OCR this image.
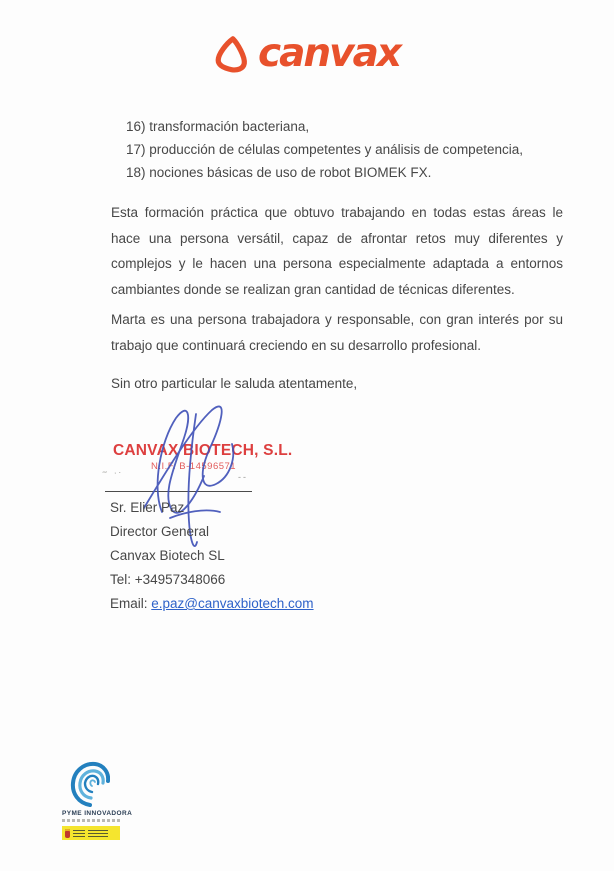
canvax
16) transformación bacteriana,
17) producción de células competentes y análisis de competencia,
18) nociones básicas de uso de robot BIOMEK FX.

Esta formación práctica que obtuvo trabajando en todas estas áreas le hace una persona versátil, capaz de afrontar retos muy diferentes y complejos y le hacen una persona especialmente adaptada a entornos cambiantes donde se realizan gran cantidad de técnicas diferentes.

Marta es una persona trabajadora y responsable, con gran interés por su trabajo que continuará creciendo en su desarrollo profesional.

Sin otro particular le saluda atentamente,

CANVAX BIOTECH, S.L.
N.I.F. B-14596571
~ ..	--
Sr. Elier Paz
Director General
Canvax Biotech SL
Tel: +34957348066
Email: e.paz@canvaxbiotech.com
PYME INNOVADORA
